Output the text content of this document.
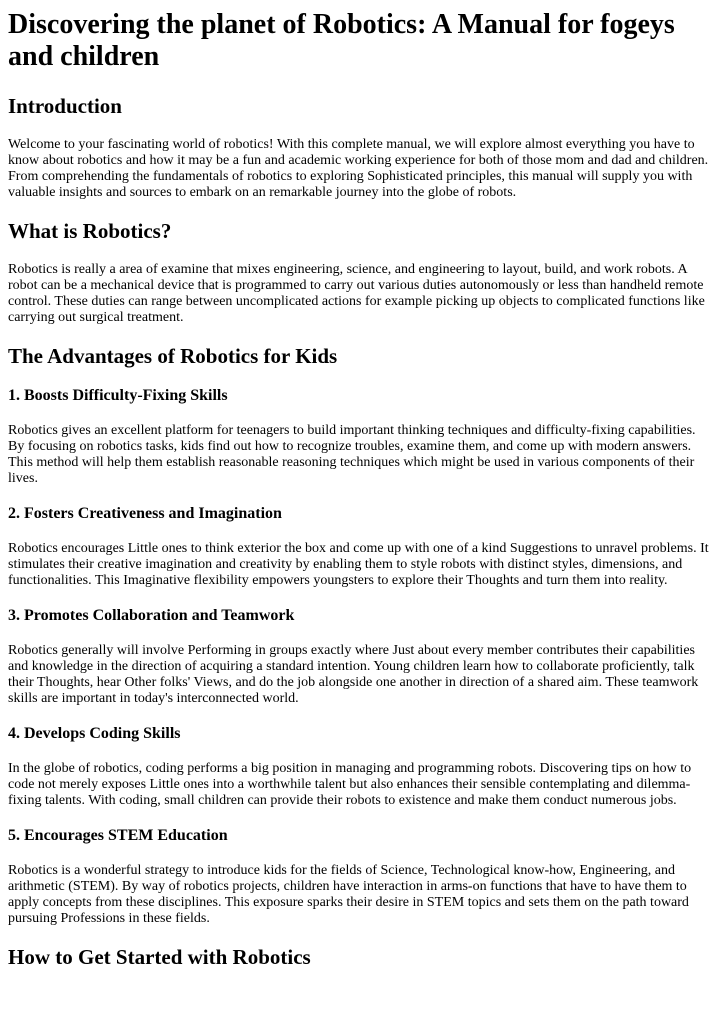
Discovering the planet of Robotics: A Manual for fogeys and children
Introduction

Welcome to your fascinating world of robotics! With this complete manual, we will explore almost everything you have to know about robotics and how it may be a fun and academic working experience for both of those mom and dad and children. From comprehending the fundamentals of robotics to exploring Sophisticated principles, this manual will supply you with valuable insights and sources to embark on an remarkable journey into the globe of robots.

What is Robotics?

Robotics is really a area of examine that mixes engineering, science, and engineering to layout, build, and work robots. A robot can be a mechanical device that is programmed to carry out various duties autonomously or less than handheld remote control. These duties can range between uncomplicated actions for example picking up objects to complicated functions like carrying out surgical treatment.

The Advantages of Robotics for Kids
1. Boosts Difficulty-Fixing Skills

Robotics gives an excellent platform for teenagers to build important thinking techniques and difficulty-fixing capabilities. By focusing on robotics tasks, kids find out how to recognize troubles, examine them, and come up with modern answers. This method will help them establish reasonable reasoning techniques which might be used in various components of their lives.

2. Fosters Creativeness and Imagination

Robotics encourages Little ones to think exterior the box and come up with one of a kind Suggestions to unravel problems. It stimulates their creative imagination and creativity by enabling them to style robots with distinct styles, dimensions, and functionalities. This Imaginative flexibility empowers youngsters to explore their Thoughts and turn them into reality.

3. Promotes Collaboration and Teamwork

Robotics generally will involve Performing in groups exactly where Just about every member contributes their capabilities and knowledge in the direction of acquiring a standard intention. Young children learn how to collaborate proficiently, talk their Thoughts, hear Other folks' Views, and do the job alongside one another in direction of a shared aim. These teamwork skills are important in today's interconnected world.

4. Develops Coding Skills

In the globe of robotics, coding performs a big position in managing and programming robots. Discovering tips on how to code not merely exposes Little ones into a worthwhile talent but also enhances their sensible contemplating and dilemma-fixing talents. With coding, small children can provide their robots to existence and make them conduct numerous jobs.

5. Encourages STEM Education

Robotics is a wonderful strategy to introduce kids for the fields of Science, Technological know-how, Engineering, and arithmetic (STEM). By way of robotics projects, children have interaction in arms-on functions that have to have them to apply concepts from these disciplines. This exposure sparks their desire in STEM topics and sets them on the path toward pursuing Professions in these fields.

How to Get Started with Robotics
